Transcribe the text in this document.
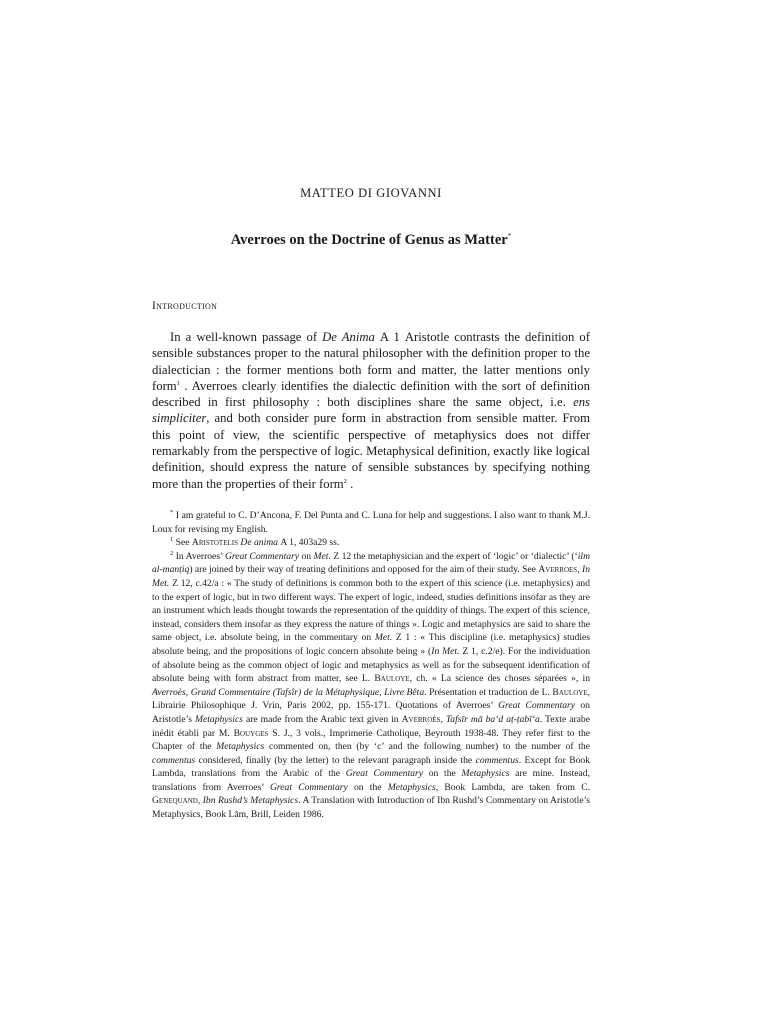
MATTEO DI GIOVANNI
Averroes on the Doctrine of Genus as Matter*
Introduction

In a well-known passage of De Anima Α 1 Aristotle contrasts the definition of sensible substances proper to the natural philosopher with the definition proper to the dialectician : the former mentions both form and matter, the latter mentions only form$^1$ . Averroes clearly identifies the dialectic definition with the sort of definition described in first philosophy : both disciplines share the same object, i.e. ens simpliciter, and both consider pure form in abstraction from sensible matter. From this point of view, the scientific perspective of metaphysics does not differ remarkably from the perspective of logic. Metaphysical definition, exactly like logical definition, should express the nature of sensible substances by specifying nothing more than the properties of their form$^2$ .

* I am grateful to C. D’Ancona, F. Del Punta and C. Luna for help and suggestions. I also want to thank M.J. Loux for revising my English.

$^1$ See Aristotelis De anima Α 1, 403a29 ss.

$^2$ In Averroes’ Great Commentary on Met. Ζ 12 the metaphysician and the expert of ‘logic’ or ‘dialectic’ (‘ilm al-manṭiq) are joined by their way of treating definitions and opposed for the aim of their study. See Averroes, In Met. Ζ 12, c.42/a : « The study of definitions is common both to the expert of this science (i.e. metaphysics) and to the expert of logic, but in two different ways. The expert of logic, indeed, studies definitions insofar as they are an instrument which leads thought towards the representation of the quiddity of things. The expert of this science, instead, considers them insofar as they express the nature of things ». Logic and metaphysics are said to share the same object, i.e. absolute being, in the commentary on Met. Ζ 1 : « This discipline (i.e. metaphysics) studies absolute being, and the propositions of logic concern absolute being » (In Met. Ζ 1, c.2/e). For the individuation of absolute being as the common object of logic and metaphysics as well as for the subsequent identification of absolute being with form abstract from matter, see L. Bauloye, ch. « La science des choses séparées », in Averroès, Grand Commentaire (Tafsîr) de la Métaphysique, Livre Bêta. Présentation et traduction de L. Bauloye, Librairie Philosophique J. Vrin, Paris 2002, pp. 155-171. Quotations of Averroes’ Great Commentary on Aristotle’s Metaphysics are made from the Arabic text given in Averroès, Tafsīr mā ba‘d aṭ-ṭabī‘a. Texte arabe inédit établi par M. Bouyges S. J., 3 vols., Imprimerie Catholique, Beyrouth 1938-48. They refer first to the Chapter of the Metaphysics commented on, then (by ‘c’ and the following number) to the number of the commentus considered, finally (by the letter) to the relevant paragraph inside the commentus. Except for Book Lambda, translations from the Arabic of the Great Commentary on the Metaphysics are mine. Instead, translations from Averroes’ Great Commentary on the Metaphysics, Book Lambda, are taken from C. Genequand, Ibn Rushd’s Metaphysics. A Translation with Introduction of Ibn Rushd’s Commentary on Aristotle’s Metaphysics, Book Lām, Brill, Leiden 1986.
